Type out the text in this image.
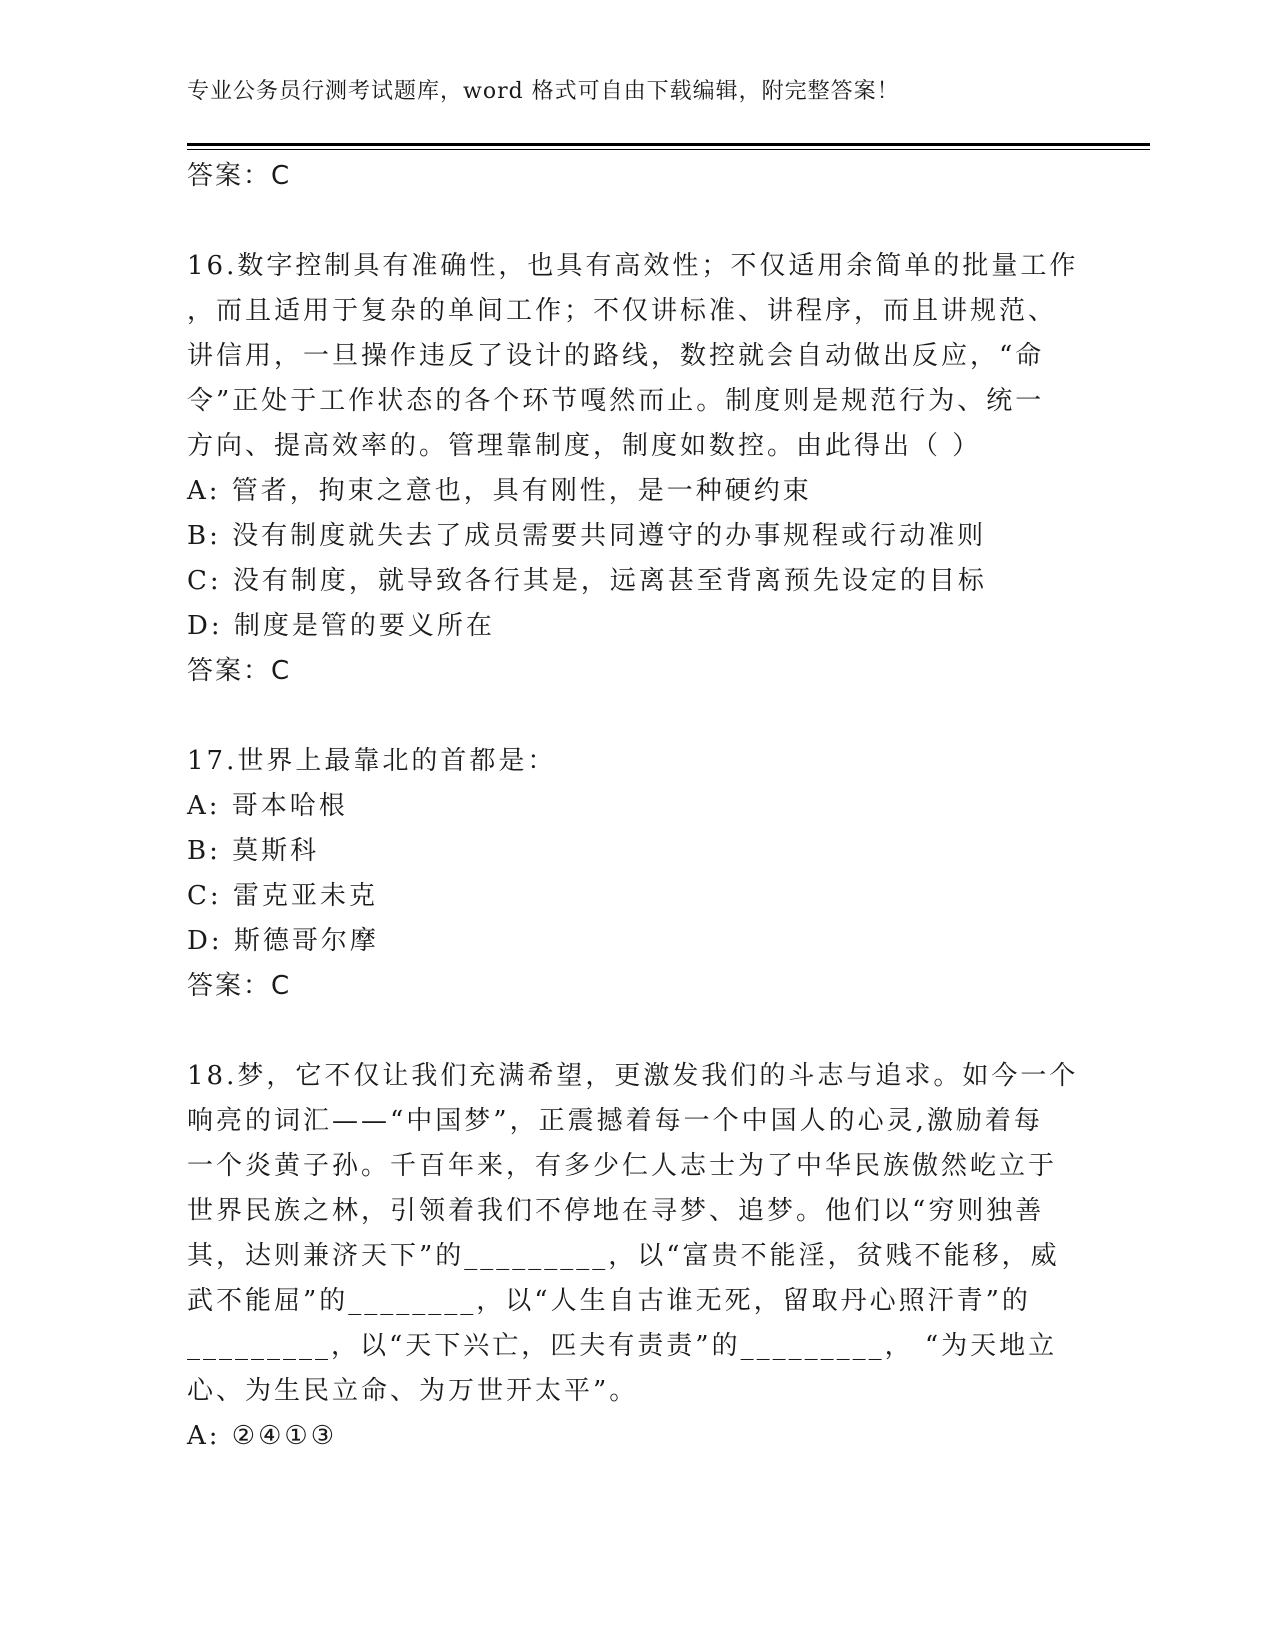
专业公务员行测考试题库，word 格式可自由下载编辑，附完整答案！
答案：C
16.数字控制具有准确性，也具有高效性；不仅适用余简单的批量工作
，而且适用于复杂的单间工作；不仅讲标准、讲程序，而且讲规范、
讲信用，一旦操作违反了设计的路线，数控就会自动做出反应，“命
令”正处于工作状态的各个环节嘎然而止。制度则是规范行为、统一
方向、提高效率的。管理靠制度，制度如数控。由此得出（ ）
A: 管者，拘束之意也，具有刚性，是一种硬约束
B: 没有制度就失去了成员需要共同遵守的办事规程或行动准则
C: 没有制度，就导致各行其是，远离甚至背离预先设定的目标
D: 制度是管的要义所在
答案：C
17.世界上最靠北的首都是：
A: 哥本哈根
B: 莫斯科
C: 雷克亚未克
D: 斯德哥尔摩
答案：C
18.梦，它不仅让我们充满希望，更激发我们的斗志与追求。如今一个
响亮的词汇——“中国梦”，正震撼着每一个中国人的心灵,激励着每
一个炎黄子孙。千百年来，有多少仁人志士为了中华民族傲然屹立于
世界民族之林，引领着我们不停地在寻梦、追梦。他们以“穷则独善
其，达则兼济天下”的_________，以“富贵不能淫，贫贱不能移，威
武不能屈”的________，以“人生自古谁无死，留取丹心照汗青”的
_________，以“天下兴亡，匹夫有责责”的_________， “为天地立
心、为生民立命、为万世开太平”。
A: ②④①③
